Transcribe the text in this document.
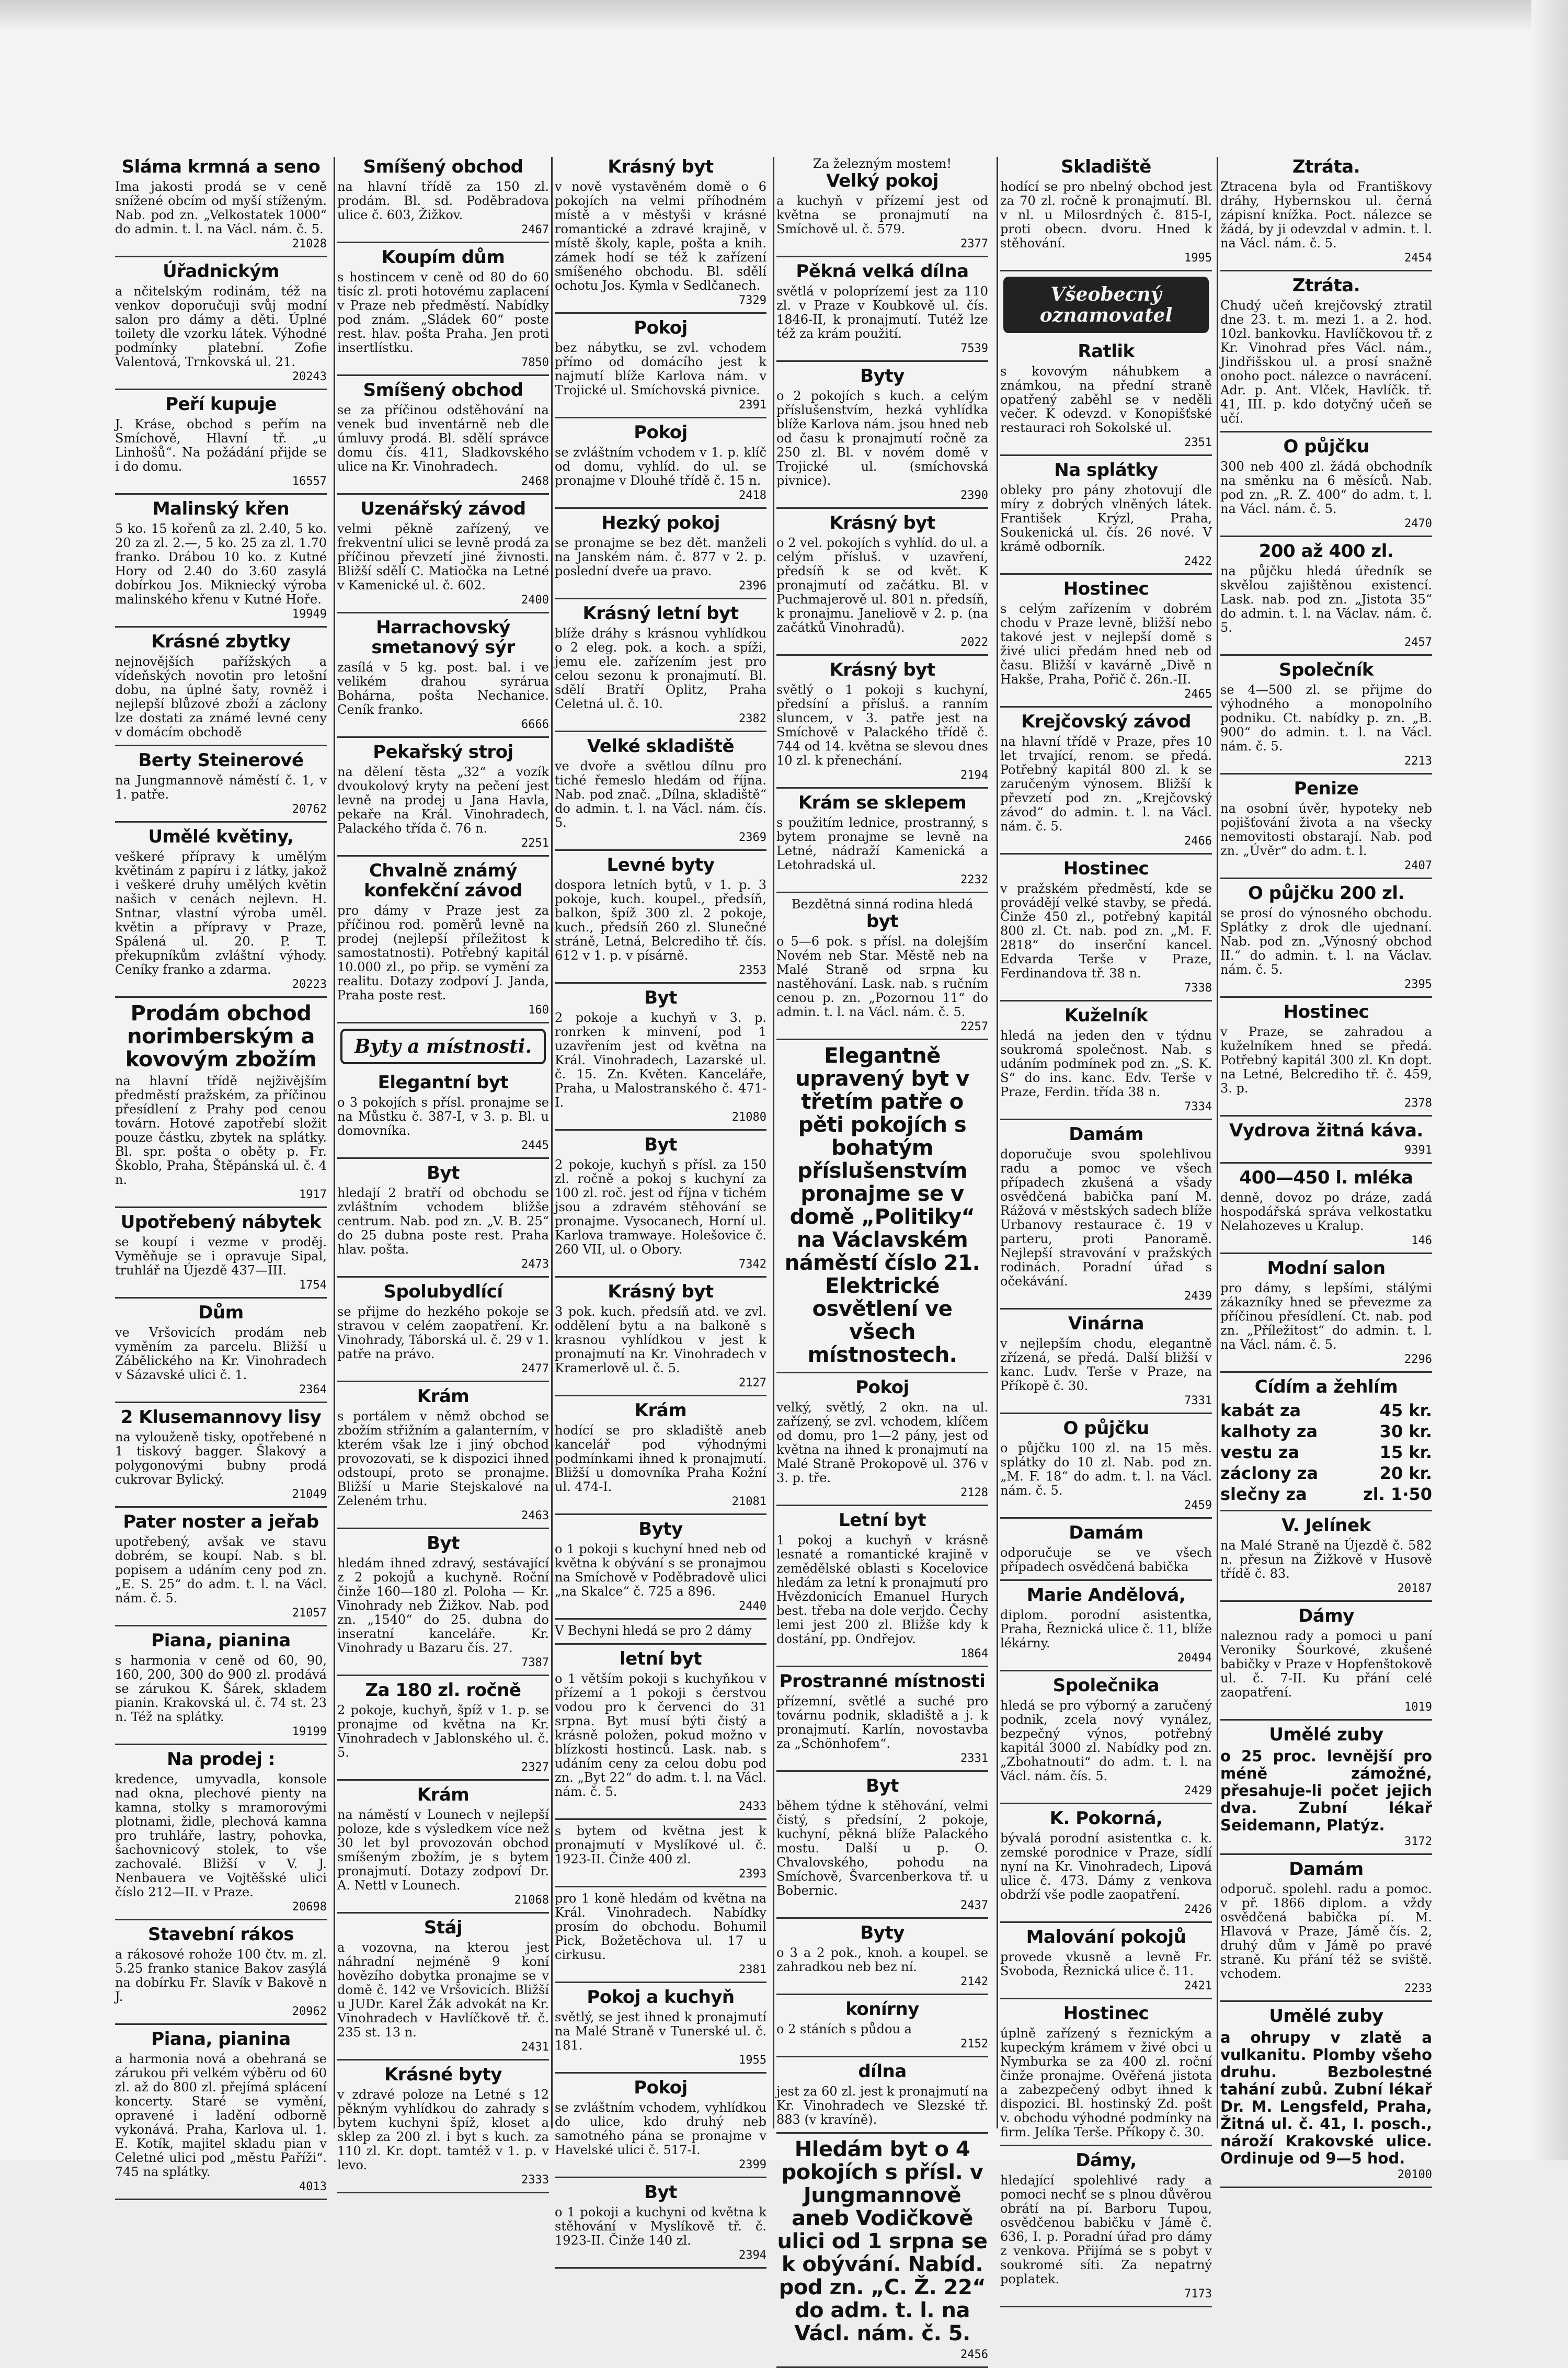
Sláma krmná a seno

Ima jakosti prodá se v ceně snížené obcím od myší stíženým. Nab. pod zn. „Velkostatek 1000“ do admin. t. l. na Václ. nám. č. 5.

21028
Úřadnickým

a nčitelským rodinám, též na venkov doporučuji svůj modní salon pro dámy a děti. Úplné toilety dle vzorku látek. Výhodné podmínky platební. Zofie Valentová, Trnkovská ul. 21.

20243
Peří kupuje

J. Kráse, obchod s peřím na Smíchově, Hlavní tř. „u Linhošů“. Na požádání přijde se i do domu.

16557
Malinský křen

5 ko. 15 kořenů za zl. 2.40, 5 ko. 20 za zl. 2.—, 5 ko. 25 za zl. 1.70 franko. Drábou 10 ko. z Kutné Hory od 2.40 do 3.60 zasylá dobírkou Jos. Mikniecký výroba malinského křenu v Kutné Hoře.

19949
Krásné zbytky

nejnovějších pařížských a vídeňských novotin pro letošní dobu, na úplné šaty, rovněž i nejlepší blůzové zboží a záclony lze dostati za známé levné ceny v domácím obchodě

Berty Steinerové

na Jungmannově náměstí č. 1, v 1. patře.

20762
Umělé květiny,

veškeré přípravy k umělým květinám z papíru i z látky, jakož i veškeré druhy umělých květin našich v cenách nejlevn. H. Sntnar, vlastní výroba uměl. květin a přípravy v Praze, Spálená ul. 20. P. T. překupníkům zvláštní výhody. Ceníky franko a zdarma.

20223
Prodám obchod norimberským a kovovým zbožím

na hlavní třídě nejživějším předměstí pražském, za příčinou přesídlení z Prahy pod cenou továrn. Hotové zapotřebí složit pouze částku, zbytek na splátky. Bl. spr. pošta o oběty p. Fr. Škoblo, Praha, Štěpánská ul. č. 4 n.

1917
Upotřebený nábytek

se koupí i vezme v proděj. Vyměňuje se i opravuje Sipal, truhlář na Újezdě 437—III.

1754
Dům

ve Vršovicích prodám neb vyměním za parcelu. Bližší u Zábělického na Kr. Vinohradech v Sázavské ulici č. 1.

2364
2 Klusemannovy lisy

na vylouženě tisky, opotřebené n 1 tiskový bagger. Šlakový a polygonovými bubny prodá cukrovar Bylický.

21049
Pater noster a jeřab

upotřebený, avšak ve stavu dobrém, se koupí. Nab. s bl. popisem a udáním ceny pod zn. „E. S. 25“ do adm. t. l. na Václ. nám. č. 5.

21057
Piana, pianina

s harmonia v ceně od 60, 90, 160, 200, 300 do 900 zl. prodává se zárukou K. Šárek, skladem pianin. Krakovská ul. č. 74 st. 23 n. Též na splátky.

19199
Na prodej :

kredence, umyvadla, konsole nad okna, plechové pienty na kamna, stolky s mramorovými plotnami, židle, plechová kamna pro truhláře, lastry, pohovka, šachovnicový stolek, to vše zachovalé. Bližší v V. J. Nenbauera ve Vojtěšské ulici číslo 212—II. v Praze.

20698
Stavební rákos

a rákosové rohože 100 čtv. m. zl. 5.25 franko stanice Bakov zasýlá na dobírku Fr. Slavík v Bakově n J.

20962
Piana, pianina

a harmonia nová a obehraná se zárukou při velkém výběru od 60 zl. až do 800 zl. přejímá splácení koncerty. Staré se vymění, opravené i ladění odborně vykonává. Praha, Karlova ul. 1. E. Kotík, majitel skladu pian v Celetné ulici pod „městu Paříži“. 745 na splátky.

4013
Smíšený obchod

na hlavní třídě za 150 zl. prodám. Bl. sd. Poděbradova ulice č. 603, Žižkov.

2467
Koupím dům

s hostincem v ceně od 80 do 60 tisíc zl. proti hotovému zaplacení v Praze neb předměstí. Nabídky pod znám. „Sládek 60“ poste rest. hlav. pošta Praha. Jen proti insertlístku.

7850
Smíšený obchod

se za příčinou odstěhování na venek bud inventárně neb dle úmluvy prodá. Bl. sdělí správce domu čís. 411, Sladkovského ulice na Kr. Vinohradech.

2468
Uzenářský závod

velmi pěkně zařízený, ve frekventní ulici se levně prodá za příčinou převzetí jiné živnosti. Bližší sdělí C. Matiočka na Letné v Kamenické ul. č. 602.

2400
Harrachovský smetanový sýr

zasílá v 5 kg. post. bal. i ve velikém drahou syrárua Bohárna, pošta Nechanice. Ceník franko.

6666
Pekařský stroj

na dělení těsta „32“ a vozík dvoukolový kryty na pečení jest levně na prodej u Jana Havla, pekaře na Král. Vinohradech, Palackého třída č. 76 n.

2251
Chvalně známý konfekční závod

pro dámy v Praze jest za příčinou rod. poměrů levně na prodej (nejlepší příležitost k samostatnosti). Potřebný kapitál 10.000 zl., po přip. se vymění za realitu. Dotazy zodpoví J. Janda, Praha poste rest.

160
Byty a místnosti.
Elegantní byt

o 3 pokojích s přísl. pronajme se na Můstku č. 387-I, v 3. p. Bl. u domovníka.

2445
Byt

hledají 2 bratří od obchodu se zvláštním vchodem bližše centrum. Nab. pod zn. „V. B. 25“ do 25 dubna poste rest. Praha hlav. pošta.

2473
Spolubydlící

se přijme do hezkého pokoje se stravou v celém zaopatření. Kr. Vinohrady, Táborská ul. č. 29 v 1. patře na právo.

2477
Krám

s portálem v němž obchod se zbožím střižním a galanterním, v kterém však lze i jiný obchod provozovati, se k dispozici ihned odstoupí, proto se pronajme. Bližší u Marie Stejskalové na Zeleném trhu.

2463
Byt

hledám ihned zdravý, sestávající z 2 pokojů a kuchyně. Roční činže 160—180 zl. Poloha — Kr. Vinohrady neb Žižkov. Nab. pod zn. „1540“ do 25. dubna do inseratní kanceláře. Kr. Vinohrady u Bazaru čís. 27.

7387
Za 180 zl. ročně

2 pokoje, kuchyň, špíž v 1. p. se pronajme od května na Kr. Vinohradech v Jablonského ul. č. 5.

2327
Krám

na náměstí v Lounech v nejlepší poloze, kde s výsledkem více než 30 let byl provozován obchod smíšeným zbožím, je s bytem pronajmutí. Dotazy zodpoví Dr. A. Nettl v Lounech.

21068
Stáj

a vozovna, na kterou jest náhradní nejméně 9 koní hovězího dobytka pronajme se v domě č. 142 ve Vršovicích. Bližší u JUDr. Karel Žák advokát na Kr. Vinohradech v Havlíčkově tř. č. 235 st. 13 n.

2431
Krásné byty

v zdravé poloze na Letné s 12 pěkným vyhlídkou do zahrady s bytem kuchyni špíž, kloset a sklep za 200 zl. i byt s kuch. za 110 zl. Kr. dopt. tamtéž v 1. p. v levo.

2333
Krásný byt

v nově vystavěném domě o 6 pokojích na velmi příhodném místě a v městyši v krásné romantické a zdravé krajině, v místě školy, kaple, pošta a knih. zámek hodí se též k zařízení smíšeného obchodu. Bl. sdělí ochotu Jos. Kymla v Sedlčanech.

7329
Pokoj

bez nábytku, se zvl. vchodem přímo od domácího jest k najmutí blíže Karlova nám. v Trojické ul. Smíchovská pivnice.

2391
Pokoj

se zvláštním vchodem v 1. p. klíč od domu, vyhlíd. do ul. se pronajme v Dlouhé třídě č. 15 n.

2418
Hezký pokoj

se pronajme se bez dět. manželi na Janském nám. č. 877 v 2. p. poslední dveře ua pravo.

2396
Krásný letní byt

blíže dráhy s krásnou vyhlídkou o 2 eleg. pok. a koch. a spíži, jemu ele. zařízením jest pro celou sezonu k pronajmutí. Bl. sdělí Bratří Oplitz, Praha Celetná ul. č. 10.

2382
Velké skladiště

ve dvoře a světlou dílnu pro tiché řemeslo hledám od října. Nab. pod znač. „Dílna, skladiště“ do admin. t. l. na Václ. nám. čís. 5.

2369
Levné byty

dospora letních bytů, v 1. p. 3 pokoje, kuch. koupel., předsíň, balkon, špíž 300 zl. 2 pokoje, kuch., předsíň 260 zl. Slunečné stráně, Letná, Belcrediho tř. čís. 612 v 1. p. v písárně.

2353
Byt

2 pokoje a kuchyň v 3. p. ronrken k minvení, pod 1 uzavřením jest od května na Král. Vinohradech, Lazarské ul. č. 15. Zn. Květen. Kanceláře, Praha, u Malostranského č. 471-I.

21080
Byt

2 pokoje, kuchyň s přísl. za 150 zl. ročně a pokoj s kuchyní za 100 zl. roč. jest od října v tichém jsou a zdravém stěhování se pronajme. Vysocanech, Horní ul. Karlova tramwaye. Holešovice č. 260 VII, ul. o Obory.

7342
Krásný byt

3 pok. kuch. předsíň atd. ve zvl. oddělení bytu a na balkoně s krasnou vyhlídkou v jest k pronajmutí na Kr. Vinohradech v Kramerlově ul. č. 5.

2127
Krám

hodící se pro skladiště aneb kancelář pod výhodnými podmínkami ihned k pronajmutí. Bližší u domovníka Praha Kožní ul. 474-I.

21081
Byty

o 1 pokoji s kuchyní hned neb od května k obývání s se pronajmou na Smíchově v Poděbradově ulici „na Skalce“ č. 725 a 896.

2440

V Bechyni hledá se pro 2 dámy

letní byt

o 1 větším pokoji s kuchyňkou v přízemí a 1 pokoji s čerstvou vodou pro k červenci do 31 srpna. Byt musí býti čistý a krásně položen, pokud možno v blízkosti hostinců. Lask. nab. s udáním ceny za celou dobu pod zn. „Byt 22“ do adm. t. l. na Václ. nám. č. 5.

2433

s bytem od května jest k pronajmutí v Myslíkové ul. č. 1923-II. Činže 400 zl.

2393

pro 1 koně hledám od května na Král. Vinohradech. Nabídky prosím do obchodu. Bohumil Pick, Božetěchova ul. 17 u cirkusu.

2381
Pokoj a kuchyň

světlý, se jest ihned k pronajmutí na Malé Straně v Tunerské ul. č. 181.

1955
Pokoj

se zvláštním vchodem, vyhlídkou do ulice, kdo druhý neb samotného pána se pronajme v Havelské ulici č. 517-I.

2399
Byt

o 1 pokoji a kuchyni od května k stěhování v Myslíkově tř. č. 1923-II. Činže 140 zl.

2394

Za železným mostem!

Velký pokoj

a kuchyň v přízemí jest od května se pronajmutí na Smíchově ul. č. 579.

2377
Pěkná velká dílna

světlá v poloprízemí jest za 110 zl. v Praze v Koubkově ul. čís. 1846-II, k pronajmutí. Tutéž lze též za krám použití.

7539
Byty

o 2 pokojích s kuch. a celým příslušenstvím, hezká vyhlídka blíže Karlova nám. jsou hned neb od času k pronajmutí ročně za 250 zl. Bl. v novém domě v Trojické ul. (smíchovská pivnice).

2390
Krásný byt

o 2 vel. pokojích s vyhlíd. do ul. a celým přísluš. v uzavření, předsíň k se od květ. K pronajmutí od začátku. Bl. v Puchmajerově ul. 801 n. předsíň, k pronajmu. Janeliově v 2. p. (na začátků Vinohradů).

2022
Krásný byt

světlý o 1 pokoji s kuchyní, předsíní a přísluš. a ranním sluncem, v 3. patře jest na Smíchově v Palackého třídě č. 744 od 14. května se slevou dnes 10 zl. k přenechání.

2194
Krám se sklepem

s použitím lednice, prostranný, s bytem pronajme se levně na Letné, nádraží Kamenická a Letohradská ul.

2232

Bezdětná sinná rodina hledá

byt

o 5—6 pok. s přísl. na dolejším Novém neb Star. Městě neb na Malé Straně od srpna ku nastěhování. Lask. nab. s ručním cenou p. zn. „Pozornou 11“ do admin. t. l. na Václ. nám. č. 5.

2257
Elegantně upravený byt v třetím patře o pěti pokojích s bohatým příslušenstvím pronajme se v domě „Politiky“ na Václavském náměstí číslo 21. Elektrické osvětlení ve všech místnostech.
Pokoj

velký, světlý, 2 okn. na ul. zařízený, se zvl. vchodem, klíčem od domu, pro 1—2 pány, jest od května na ihned k pronajmutí na Malé Straně Prokopově ul. 376 v 3. p. tře.

2128
Letní byt

1 pokoj a kuchyň v krásně lesnaté a romantické krajině v zemědělské oblasti s Kocelovice hledám za letní k pronajmutí pro Hvězdonicích Emanuel Hurych best. třeba na dole verjdo. Čechy lemi jest 200 zl. Bližše kdy k dostání, pp. Ondřejov.

1864
Prostranné místnosti

přízemní, světlé a suché pro továrnu podnik, skladiště a j. k pronajmutí. Karlín, novostavba za „Schönhofem“.

2331
Byt

během týdne k stěhování, velmi čistý, s předsíní, 2 pokoje, kuchyní, pěkná blíže Palackého mostu. Další u p. O. Chvalovského, pohodu na Smíchově, Švarcenberkova tř. u Bobernic.

2437
Byty

o 3 a 2 pok., knoh. a koupel. se zahradkou neb bez ní.

2142
konírny

o 2 stáních s půdou a

2152
dílna

jest za 60 zl. jest k pronajmutí na Kr. Vinohradech ve Slezské tř. 883 (v kravíně).

Hledám byt o 4 pokojích s přísl. v Jungmannově aneb Vodičkově ulici od 1 srpna se k obývání. Nabíd. pod zn. „C. Ž. 22“ do adm. t. l. na Václ. nám. č. 5.
2456
Skladiště

hodící se pro nbelný obchod jest za 70 zl. ročně k pronajmutí. Bl. v nl. u Milosrdných č. 815-I, proti obecn. dvoru. Hned k stěhování.

1995
Všeobecný oznamovatel
Ratlik

s kovovým náhubkem a známkou, na přední straně opatřený zaběhl se v neděli večer. K odevzd. v Konopišťské restauraci roh Sokolské ul.

2351
Na splátky

obleky pro pány zhotovují dle míry z dobrých vlněných látek. František Krýzl, Praha, Soukenická ul. čís. 26 nové. V krámě odborník.

2422
Hostinec

s celým zařízením v dobrém chodu v Praze levně, bližší nebo takové jest v nejlepší domě s živé ulici předám hned neb od času. Bližší v kavárně „Divě n Hakše, Praha, Pořič č. 26n.-II.

2465
Krejčovský závod

na hlavní třídě v Praze, přes 10 let trvající, renom. se předá. Potřebný kapitál 800 zl. k se zaručeným výnosem. Bližší k převzetí pod zn. „Krejčovský závod“ do admin. t. l. na Václ. nám. č. 5.

2466
Hostinec

v pražském předměstí, kde se provádějí velké stavby, se předá. Činže 450 zl., potřebný kapitál 800 zl. Ct. nab. pod zn. „M. F. 2818“ do inserční kancel. Edvarda Terše v Praze, Ferdinandova tř. 38 n.

7338
Kuželník

hledá na jeden den v týdnu soukromá společnost. Nab. s udáním podmínek pod zn. „S. K. S“ do ins. kanc. Edv. Terše v Praze, Ferdin. třída 38 n.

7334
Damám

doporučuje svou spolehlivou radu a pomoc ve všech případech zkušená a všady osvědčená babička paní M. Rážová v městských sadech blíže Urbanovy restaurace č. 19 v parteru, proti Panoramě. Nejlepší stravování v pražských rodinách. Poradní úřad s očekávání.

2439
Vinárna

v nejlepším chodu, elegantně zřízená, se předá. Další bližší v kanc. Ludv. Terše v Praze, na Příkopě č. 30.

7331
O půjčku

o půjčku 100 zl. na 15 měs. splátky do 10 zl. Nab. pod zn. „M. F. 18“ do adm. t. l. na Václ. nám. č. 5.

2459
Damám

odporučuje se ve všech případech osvědčená babička

Marie Andělová,

diplom. porodní asistentka, Praha, Řeznická ulice č. 11, blíže lékárny.

20494
Společnika

hledá se pro výborný a zaručený podnik, zcela nový vynález, bezpečný výnos, potřebný kapitál 3000 zl. Nabídky pod zn. „Zbohatnouti“ do adm. t. l. na Václ. nám. čís. 5.

2429
K. Pokorná,

bývalá porodní asistentka c. k. zemské porodnice v Praze, sídlí nyní na Kr. Vinohradech, Lipová ulice č. 473. Dámy z venkova obdrží vše podle zaopatření.

2426
Malování pokojů

provede vkusně a levně Fr. Svoboda, Řeznická ulice č. 11.

2421
Hostinec

úplně zařízený s řeznickým a kupeckým krámem v živé obci u Nymburka se za 400 zl. roční činže pronajme. Ověřená jistota a zabezpečený odbyt ihned k dispozici. Bl. hostinský Zd. pošt v. obchodu výhodné podmínky na firm. Jelíka Terše. Příkopy č. 30.

Dámy,

hledající spolehlivé rady a pomoci nechť se s plnou důvěrou obrátí na pí. Barboru Tupou, osvědčenou babičku v Jámě č. 636, I. p. Poradní úřad pro dámy z venkova. Přijímá se s pobyt v soukromé síti. Za nepatrný poplatek.

7173
Ztráta.

Ztracena byla od Františkovy dráhy, Hybernskou ul. černá zápisní knížka. Poct. nálezce se žádá, by ji odevzdal v admin. t. l. na Václ. nám. č. 5.

2454
Ztráta.

Chudý učeň krejčovský ztratil dne 23. t. m. mezi 1. a 2. hod. 10zl. bankovku. Havlíčkovou tř. z Kr. Vinohrad přes Václ. nám., Jindřišskou ul. a prosí snažně onoho poct. nálezce o navrácení. Adr. p. Ant. Vlček, Havlíčk. tř. 41, III. p. kdo dotyčný učeň se učí.

O půjčku

300 neb 400 zl. žádá obchodník na směnku na 6 měsíců. Nab. pod zn. „R. Z. 400“ do adm. t. l. na Václ. nám. č. 5.

2470
200 až 400 zl.

na půjčku hledá úředník se skvělou zajištěnou existencí. Lask. nab. pod zn. „Jistota 35“ do admin. t. l. na Václav. nám. č. 5.

2457
Společník

se 4—500 zl. se přijme do výhodného a monopolního podniku. Ct. nabídky p. zn. „B. 900“ do admin. t. l. na Václ. nám. č. 5.

2213
Penize

na osobní úvěr, hypoteky neb pojišťování života a na všecky nemovitosti obstarají. Nab. pod zn. „Úvěr“ do adm. t. l.

2407
O půjčku 200 zl.

se prosí do výnosného obchodu. Splátky z drok dle ujednaní. Nab. pod zn. „Výnosný obchod II.“ do admin. t. l. na Václav. nám. č. 5.

2395
Hostinec

v Praze, se zahradou a kuželníkem hned se předá. Potřebný kapitál 300 zl. Kn dopt. na Letné, Belcrediho tř. č. 459, 3. p.

2378
Vydrova žitná káva.
9391
400—450 l. mléka

denně, dovoz po dráze, zadá hospodářská správa velkostatku Nelahozeves u Kralup.

146
Modní salon

pro dámy, s lepšími, stálými zákazníky hned se převezme za příčinou přesídlení. Ct. nab. pod zn. „Příležitost“ do admin. t. l. na Václ. nám. č. 5.

2296
Cídím a žehlím
kabát za	45 kr.
kalhoty za	30 kr.
vestu za	15 kr.
záclony za	20 kr.
slečny za	zl. 1·50
V. Jelínek

na Malé Straně na Újezdě č. 582 n. přesun na Žižkově v Husově třídě č. 83.

20187
Dámy

naleznou rady a pomoci u paní Veroniky Šourkové, zkušené babičky v Praze v Hopfenštokově ul. č. 7-II. Ku přání celé zaopatření.

1019
Umělé zuby

o 25 proc. levnější pro méně zámožné, přesahuje-li počet jejich dva. Zubní lékař Seidemann, Platýz.

3172
Damám

odporuč. spolehl. radu a pomoc. v př. 1866 diplom. a vždy osvědčená babička pí. M. Hlavová v Praze, Jámě čís. 2, druhý dům v Jámě po pravé straně. Ku přání též se sviště. vchodem.

2233
Umělé zuby

a ohrupy v zlatě a vulkanitu. Plomby všeho druhu. Bezbolestné tahání zubů. Zubní lékař Dr. M. Lengsfeld, Praha, Žitná ul. č. 41, I. posch., nároží Krakovské ulice. Ordinuje od 9—5 hod.

20100
